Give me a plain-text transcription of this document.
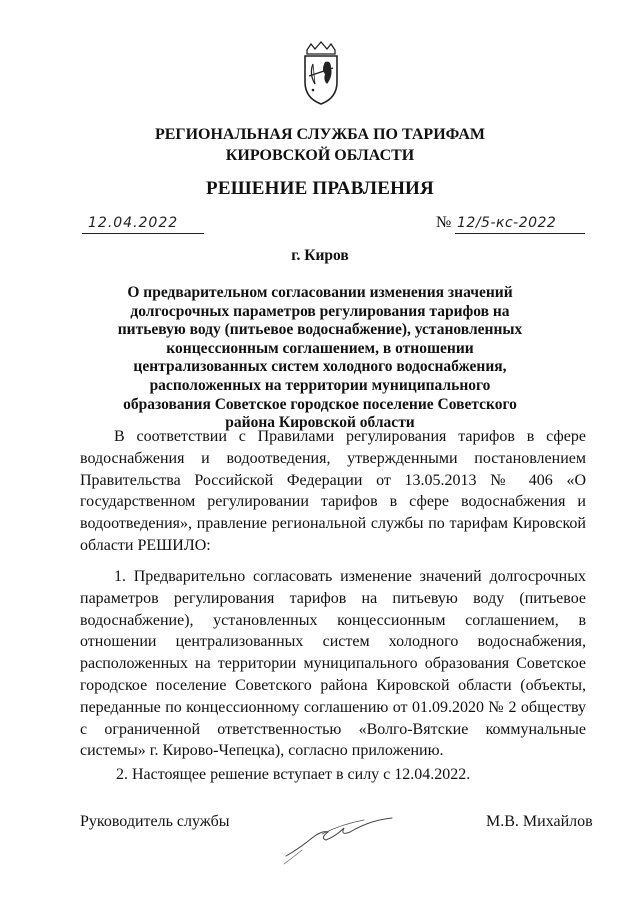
РЕГИОНАЛЬНАЯ СЛУЖБА ПО ТАРИФАМ
КИРОВСКОЙ ОБЛАСТИ
РЕШЕНИЕ ПРАВЛЕНИЯ
12.04.2022	№ 12/5-кс-2022
г. Киров
О предварительном согласовании изменения значений долгосрочных параметров регулирования тарифов на питьевую воду (питьевое водоснабжение), установленных концессионным соглашением, в отношении централизованных систем холодного водоснабжения, расположенных на территории муниципального образования Советское городское поселение Советского района Кировской области
В соответствии с Правилами регулирования тарифов в сфере водоснабжения и водоотведения, утвержденными постановлением Правительства Российской Федерации от 13.05.2013 № 406 «О государственном регулировании тарифов в сфере водоснабжения и водоотведения», правление региональной службы по тарифам Кировской области РЕШИЛО:
1. Предварительно согласовать изменение значений долгосрочных параметров регулирования тарифов на питьевую воду (питьевое водоснабжение), установленных концессионным соглашением, в отношении централизованных систем холодного водоснабжения, расположенных на территории муниципального образования Советское городское поселение Советского района Кировской области (объекты, переданные по концессионному соглашению от 01.09.2020 № 2 обществу с ограниченной ответственностью «Волго-Вятские коммунальные системы» г. Кирово-Чепецка), согласно приложению.
2. Настоящее решение вступает в силу с 12.04.2022.
Руководитель службы	М.В. Михайлов
